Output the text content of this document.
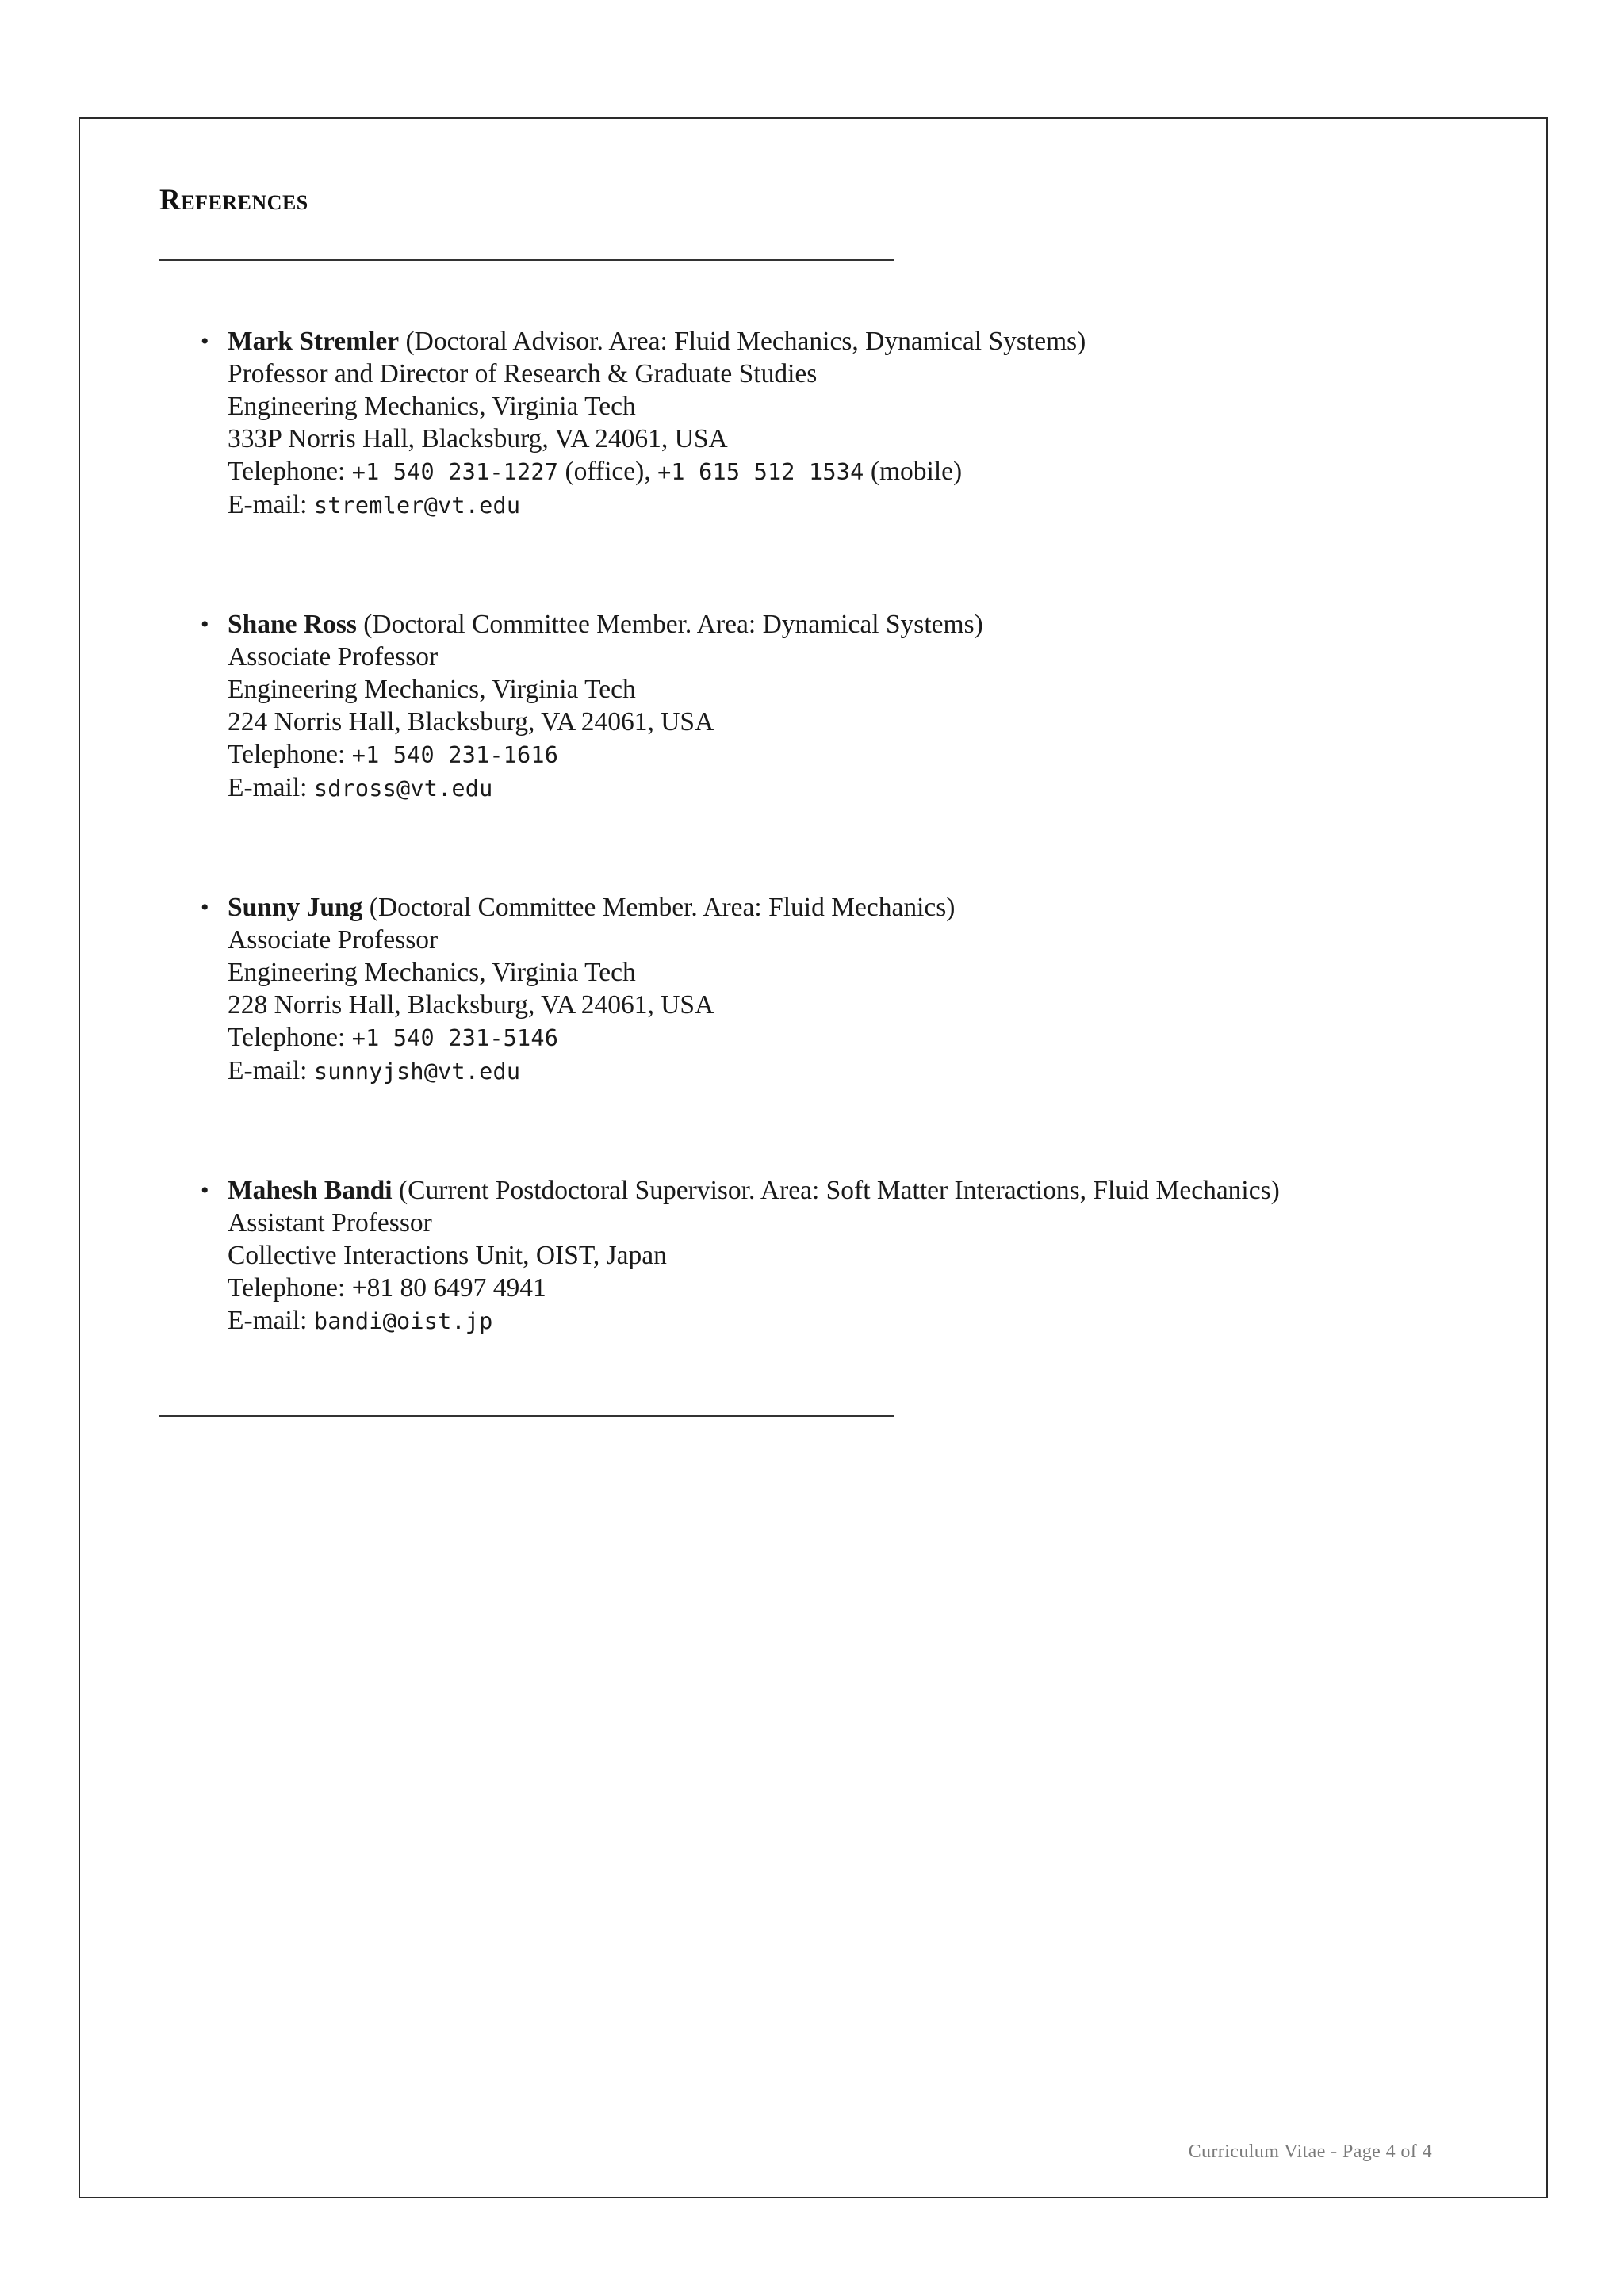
References
• Mark Stremler (Doctoral Advisor. Area: Fluid Mechanics, Dynamical Systems)
Professor and Director of Research & Graduate Studies
Engineering Mechanics, Virginia Tech
333P Norris Hall, Blacksburg, VA 24061, USA
Telephone: +1 540 231-1227 (office), +1 615 512 1534 (mobile)
E-mail: stremler@vt.edu
• Shane Ross (Doctoral Committee Member. Area: Dynamical Systems)
Associate Professor
Engineering Mechanics, Virginia Tech
224 Norris Hall, Blacksburg, VA 24061, USA
Telephone: +1 540 231-1616
E-mail: sdross@vt.edu
• Sunny Jung (Doctoral Committee Member. Area: Fluid Mechanics)
Associate Professor
Engineering Mechanics, Virginia Tech
228 Norris Hall, Blacksburg, VA 24061, USA
Telephone: +1 540 231-5146
E-mail: sunnyjsh@vt.edu
• Mahesh Bandi (Current Postdoctoral Supervisor. Area: Soft Matter Interactions, Fluid Mechanics)
Assistant Professor
Collective Interactions Unit, OIST, Japan
Telephone: +81 80 6497 4941
E-mail: bandi@oist.jp
Curriculum Vitae - Page 4 of 4
